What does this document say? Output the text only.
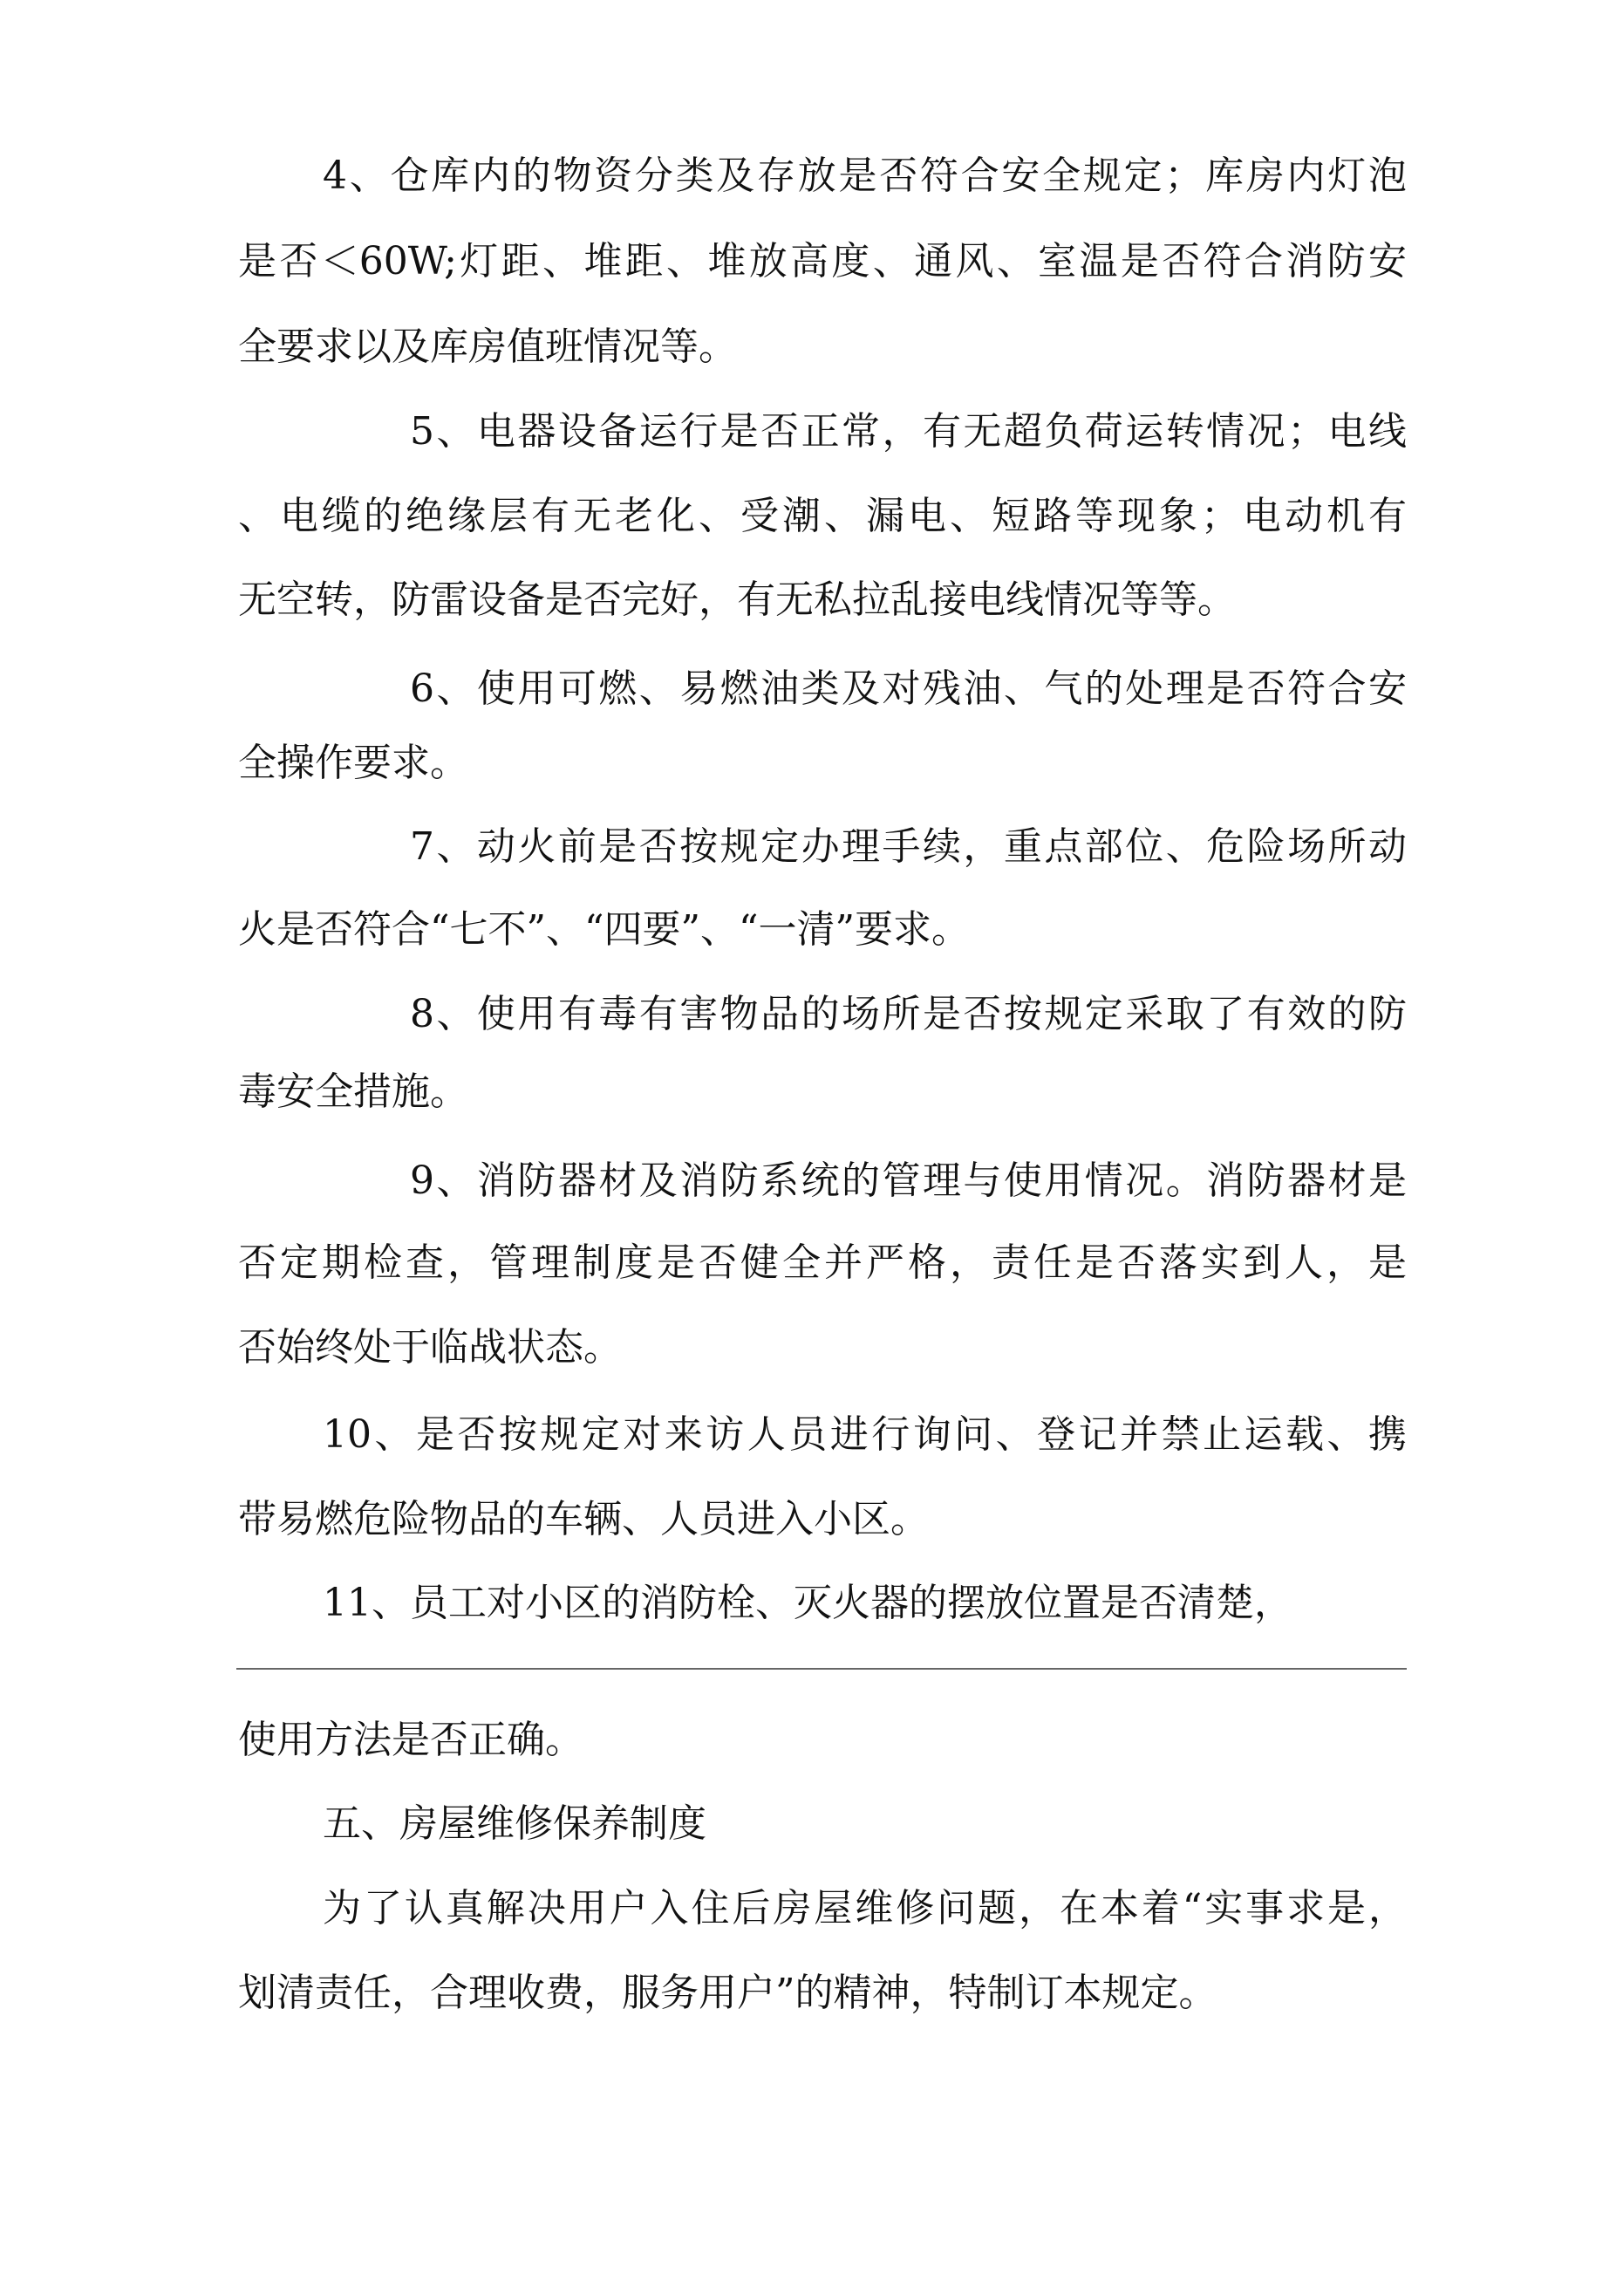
4、仓库内的物资分类及存放是否符合安全规定；库房内灯泡

是否＜60W;灯距、堆距、堆放高度、通风、室温是否符合消防安

全要求以及库房值班情况等。

5、电器设备运行是否正常，有无超负荷运转情况；电线

、电缆的绝缘层有无老化、受潮、漏电、短路等现象；电动机有

无空转，防雷设备是否完好，有无私拉乱接电线情况等等。

6、使用可燃、易燃油类及对残油、气的处理是否符合安

全操作要求。

7、动火前是否按规定办理手续，重点部位、危险场所动

火是否符合“七不”、“四要”、“一清”要求。

8、使用有毒有害物品的场所是否按规定采取了有效的防

毒安全措施。

9、消防器材及消防系统的管理与使用情况。消防器材是

否定期检查，管理制度是否健全并严格，责任是否落实到人，是

否始终处于临战状态。

10、是否按规定对来访人员进行询问、登记并禁止运载、携

带易燃危险物品的车辆、人员进入小区。

11、员工对小区的消防栓、灭火器的摆放位置是否清楚，

使用方法是否正确。

五、房屋维修保养制度

为了认真解决用户入住后房屋维修问题，在本着“实事求是，

划清责任，合理收费，服务用户”的精神，特制订本规定。
